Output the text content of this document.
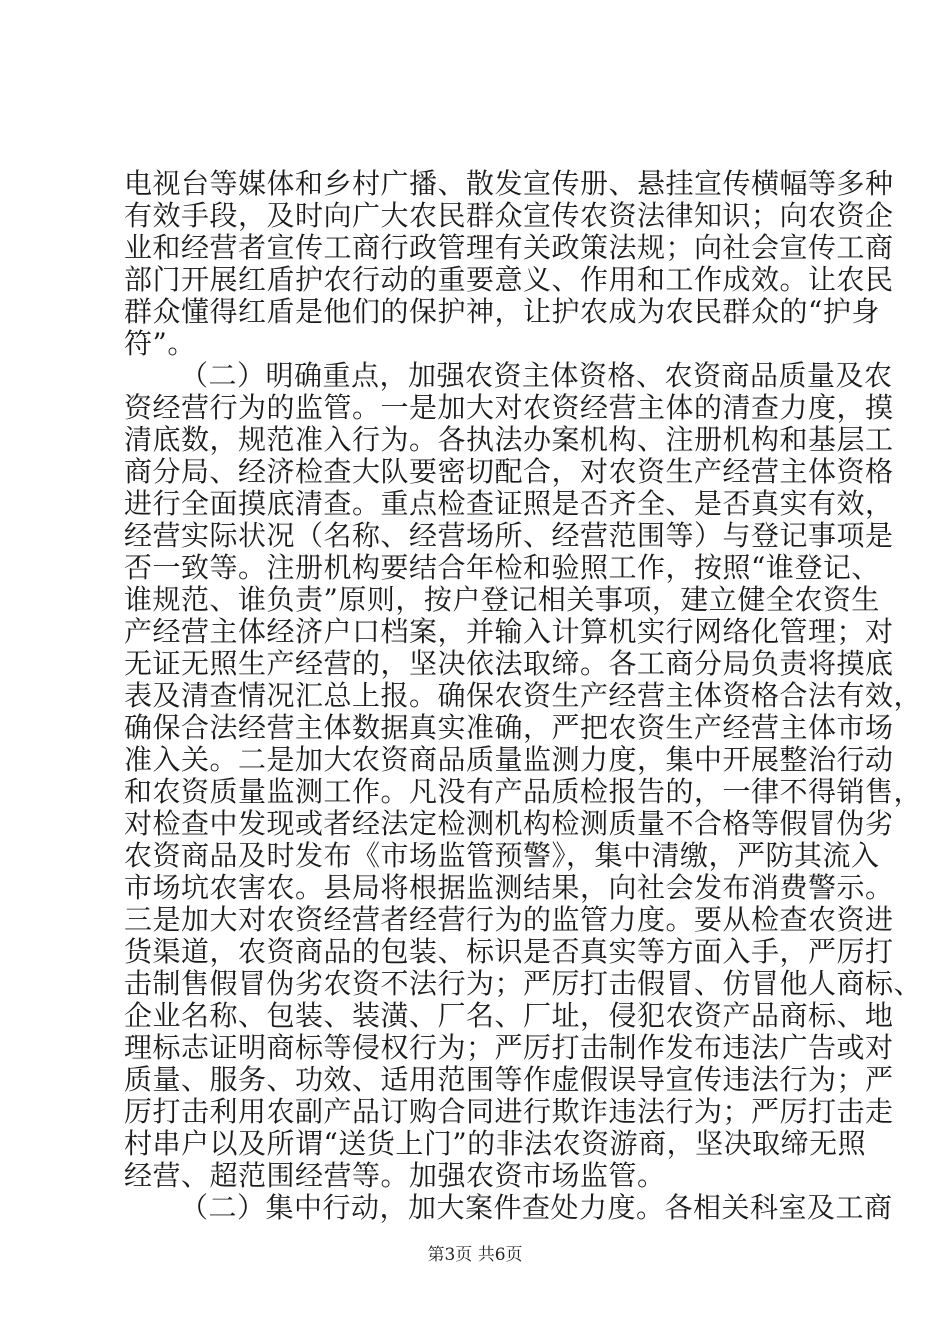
电视台等媒体和乡村广播、散发宣传册、悬挂宣传横幅等多种
有效手段，及时向广大农民群众宣传农资法律知识；向农资企
业和经营者宣传工商行政管理有关政策法规；向社会宣传工商
部门开展红盾护农行动的重要意义、作用和工作成效。让农民
群众懂得红盾是他们的保护神，让护农成为农民群众的“护身
符”。
（二）明确重点，加强农资主体资格、农资商品质量及农
资经营行为的监管。一是加大对农资经营主体的清查力度，摸
清底数，规范准入行为。各执法办案机构、注册机构和基层工
商分局、经济检查大队要密切配合，对农资生产经营主体资格
进行全面摸底清查。重点检查证照是否齐全、是否真实有效，
经营实际状况（名称、经营场所、经营范围等）与登记事项是
否一致等。注册机构要结合年检和验照工作，按照“谁登记、
谁规范、谁负责”原则，按户登记相关事项，建立健全农资生
产经营主体经济户口档案，并输入计算机实行网络化管理；对
无证无照生产经营的，坚决依法取缔。各工商分局负责将摸底
表及清查情况汇总上报。确保农资生产经营主体资格合法有效，
确保合法经营主体数据真实准确，严把农资生产经营主体市场
准入关。二是加大农资商品质量监测力度，集中开展整治行动
和农资质量监测工作。凡没有产品质检报告的，一律不得销售，
对检查中发现或者经法定检测机构检测质量不合格等假冒伪劣
农资商品及时发布《市场监管预警》，集中清缴，严防其流入
市场坑农害农。县局将根据监测结果，向社会发布消费警示。
三是加大对农资经营者经营行为的监管力度。要从检查农资进
货渠道，农资商品的包装、标识是否真实等方面入手，严厉打
击制售假冒伪劣农资不法行为；严厉打击假冒、仿冒他人商标、
企业名称、包装、装潢、厂名、厂址，侵犯农资产品商标、地
理标志证明商标等侵权行为；严厉打击制作发布违法广告或对
质量、服务、功效、适用范围等作虚假误导宣传违法行为；严
厉打击利用农副产品订购合同进行欺诈违法行为；严厉打击走
村串户以及所谓“送货上门”的非法农资游商，坚决取缔无照
经营、超范围经营等。加强农资市场监管。
（二）集中行动，加大案件查处力度。各相关科室及工商
第3页 共6页
